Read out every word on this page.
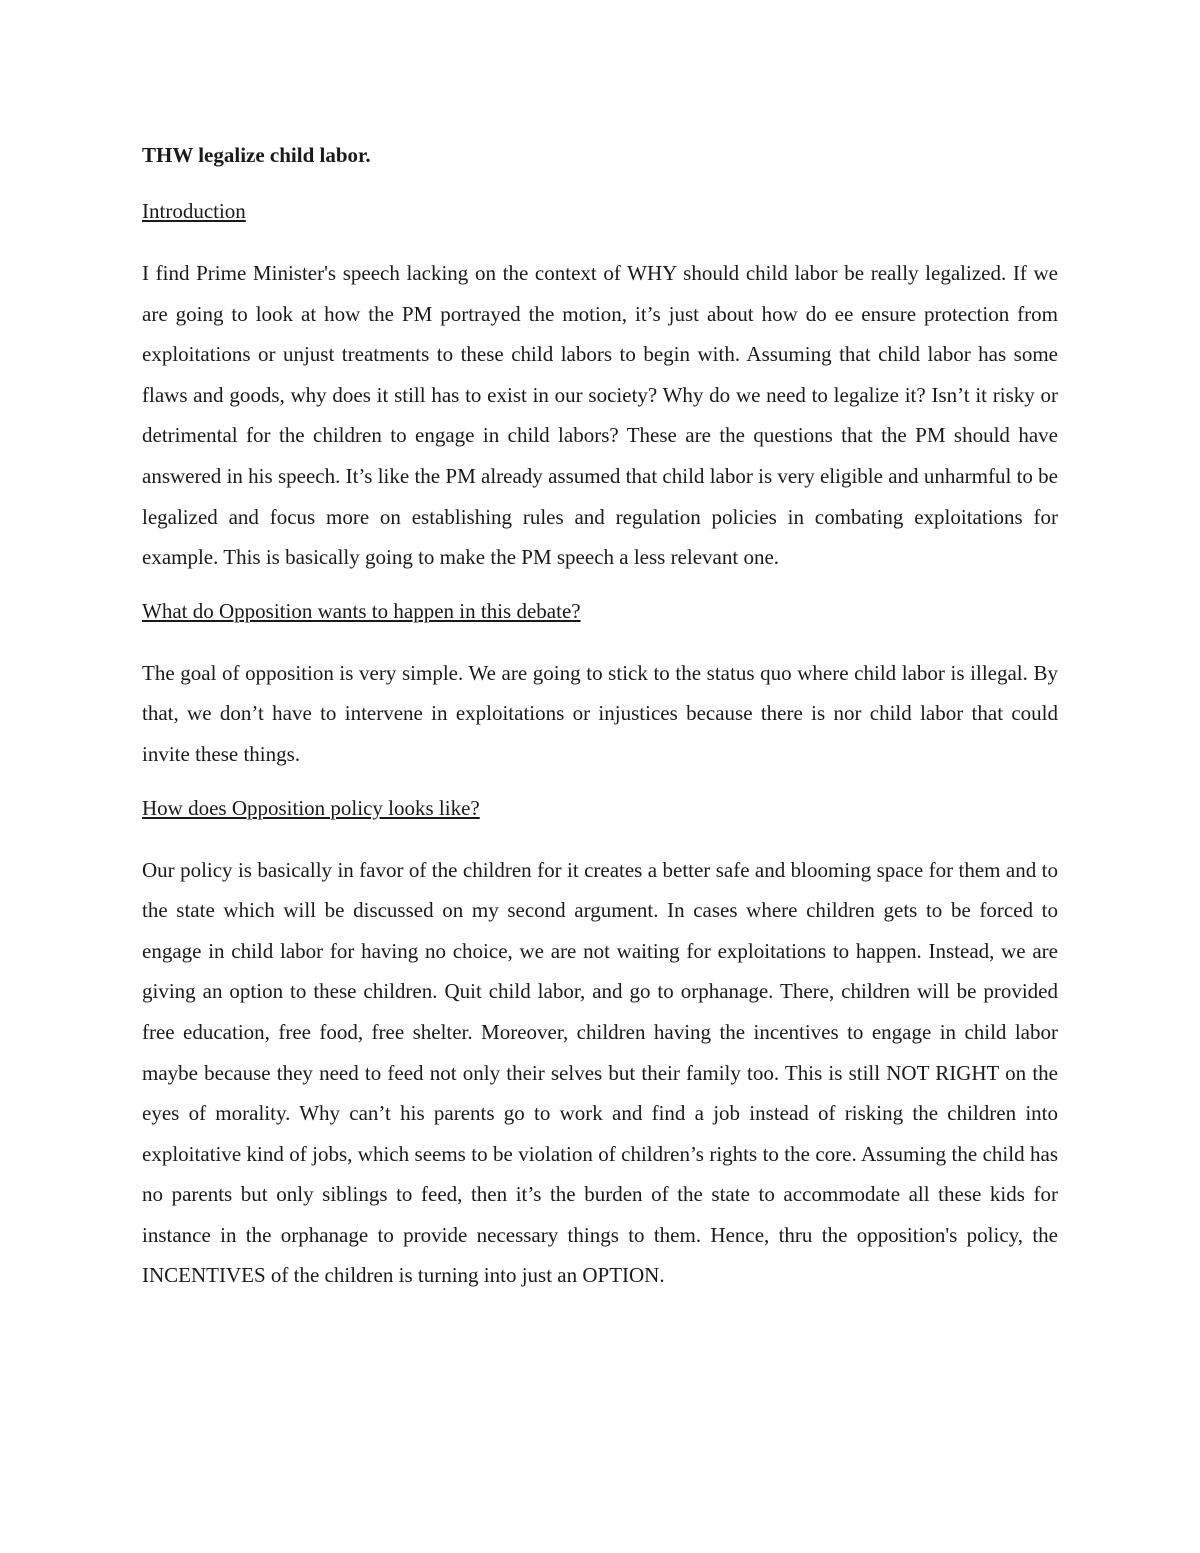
THW legalize child labor.

Introduction

I find Prime Minister's speech lacking on the context of WHY should child labor be really legalized. If we are going to look at how the PM portrayed the motion, it’s just about how do ee ensure protection from exploitations or unjust treatments to these child labors to begin with. Assuming that child labor has some flaws and goods, why does it still has to exist in our society? Why do we need to legalize it? Isn’t it risky or detrimental for the children to engage in child labors? These are the questions that the PM should have answered in his speech. It’s like the PM already assumed that child labor is very eligible and unharmful to be legalized and focus more on establishing rules and regulation policies in combating exploitations for example. This is basically going to make the PM speech a less relevant one.

What do Opposition wants to happen in this debate?

The goal of opposition is very simple. We are going to stick to the status quo where child labor is illegal. By that, we don’t have to intervene in exploitations or injustices because there is nor child labor that could invite these things.

How does Opposition policy looks like?

Our policy is basically in favor of the children for it creates a better safe and blooming space for them and to the state which will be discussed on my second argument. In cases where children gets to be forced to engage in child labor for having no choice, we are not waiting for exploitations to happen. Instead, we are giving an option to these children. Quit child labor, and go to orphanage. There, children will be provided free education, free food, free shelter. Moreover, children having the incentives to engage in child labor maybe because they need to feed not only their selves but their family too. This is still NOT RIGHT on the eyes of morality. Why can’t his parents go to work and find a job instead of risking the children into exploitative kind of jobs, which seems to be violation of children’s rights to the core. Assuming the child has no parents but only siblings to feed, then it’s the burden of the state to accommodate all these kids for instance in the orphanage to provide necessary things to them. Hence, thru the opposition's policy, the INCENTIVES of the children is turning into just an OPTION.
